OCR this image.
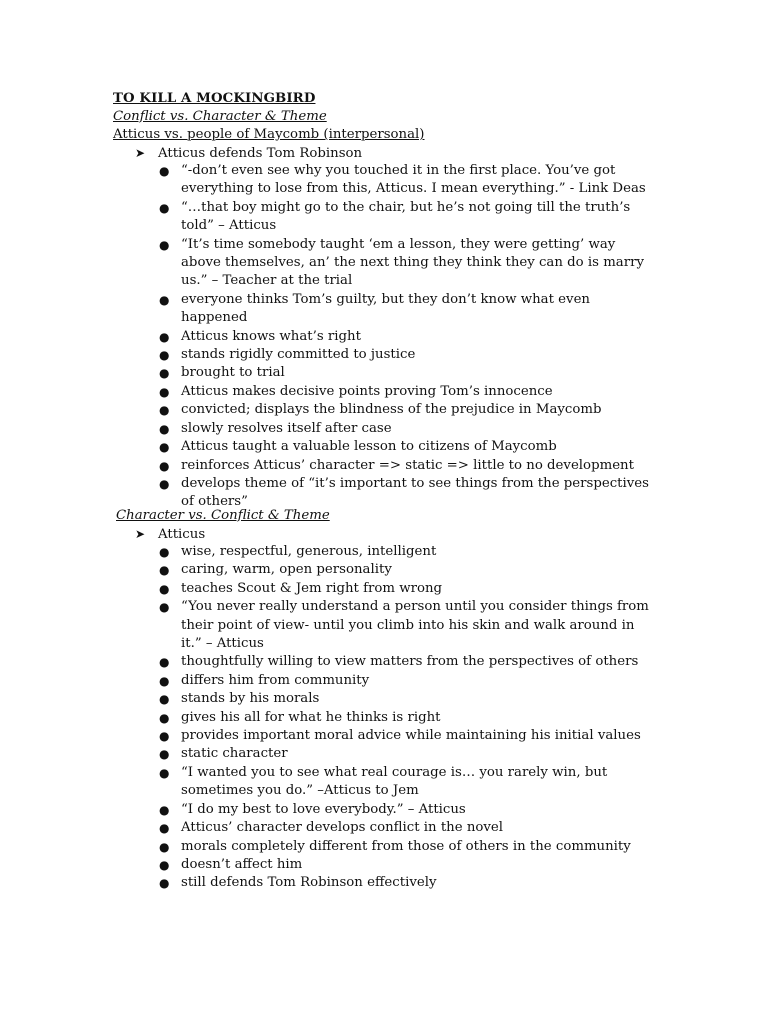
TO KILL A MOCKINGBIRD
Conflict vs. Character & Theme
Atticus vs. people of Maycomb (interpersonal)
➤ Atticus defends Tom Robinson
● “-don’t even see why you touched it in the first place. You’ve got everything to lose from this, Atticus. I mean everything.” - Link Deas
● “…that boy might go to the chair, but he’s not going till the truth’s told” – Atticus
● “It’s time somebody taught ‘em a lesson, they were getting’ way above themselves, an’ the next thing they think they can do is marry us.” – Teacher at the trial
● everyone thinks Tom’s guilty, but they don’t know what even happened
● Atticus knows what’s right
● stands rigidly committed to justice
● brought to trial
● Atticus makes decisive points proving Tom’s innocence
● convicted; displays the blindness of the prejudice in Maycomb
● slowly resolves itself after case
● Atticus taught a valuable lesson to citizens of Maycomb
● reinforces Atticus’ character => static => little to no development
● develops theme of “it’s important to see things from the perspectives of others”
Character vs. Conflict & Theme
➤ Atticus
● wise, respectful, generous, intelligent
● caring, warm, open personality
● teaches Scout & Jem right from wrong
● “You never really understand a person until you consider things from their point of view- until you climb into his skin and walk around in it.” – Atticus
● thoughtfully willing to view matters from the perspectives of others
● differs him from community
● stands by his morals
● gives his all for what he thinks is right
● provides important moral advice while maintaining his initial values
● static character
● “I wanted you to see what real courage is… you rarely win, but sometimes you do.” –Atticus to Jem
● “I do my best to love everybody.” – Atticus
● Atticus’ character develops conflict in the novel
● morals completely different from those of others in the community
● doesn’t affect him
● still defends Tom Robinson effectively
